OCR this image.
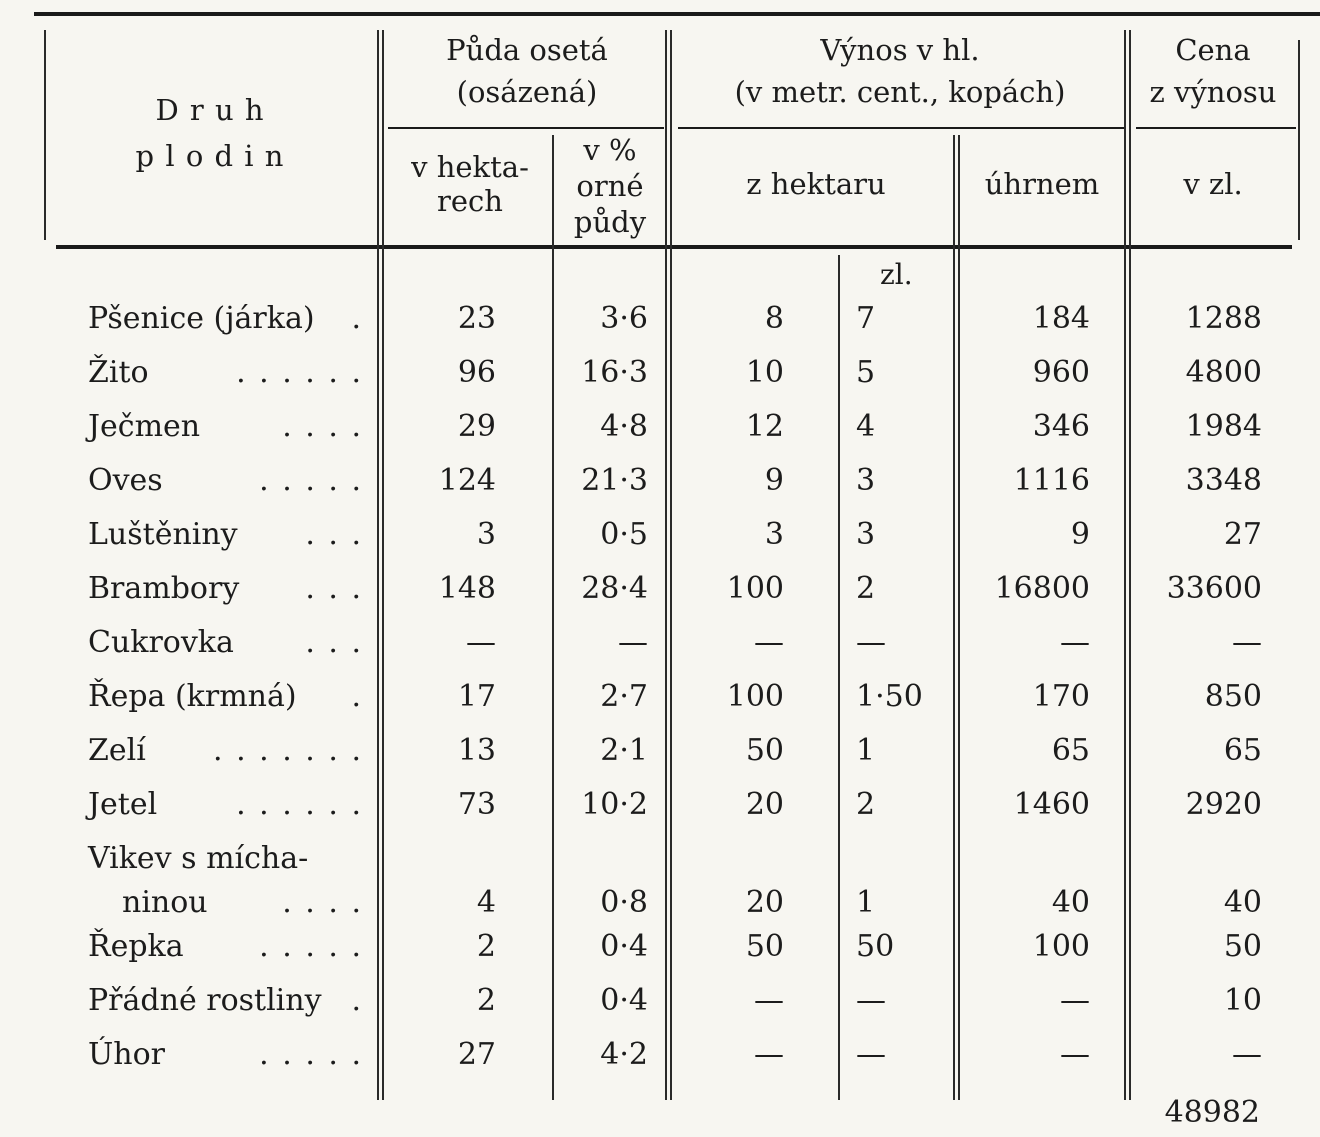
D r u h
p l o d i n
Půda osetá
(osázená)
v hekta-
rech
v %
orné
půdy
Výnos v hl.
(v metr. cent., kopách)
z hektaru	úhrnem
Cena
z výnosu
v zl.
zl.
Pšenice (járka) .	23	3·6	8 7	184	1288
Žito	. . . . . .	96	16·3	10 5	960	4800
Ječmen	. . . .	29	4·8	12 4	346	1984
Oves	. . . . .	124	21·3	9 3	1116	3348
Luštěniny . . .	3	0·5	3 3	9	27
Brambory . . .	148	28·4	100 2	16800	33600
Cukrovka . . .	—	—	— —	—	—
Řepa (krmná) .	17	2·7	100 1·50	170	850
Zelí . . . . . . .	13	2·1	50 1	65	65
Jetel	. . . . . .	73	10·2	20 2	1460	2920
Vikev s mícha-
ninou . . . .	4	0·8	20 1	40	40
Řepka	. . . . .	2	0·4	50 50	100	50
Přádné rostliny .	2	0·4	— —	—	10
Úhor	. . . . .	27	4·2	— —	—	—
48982
